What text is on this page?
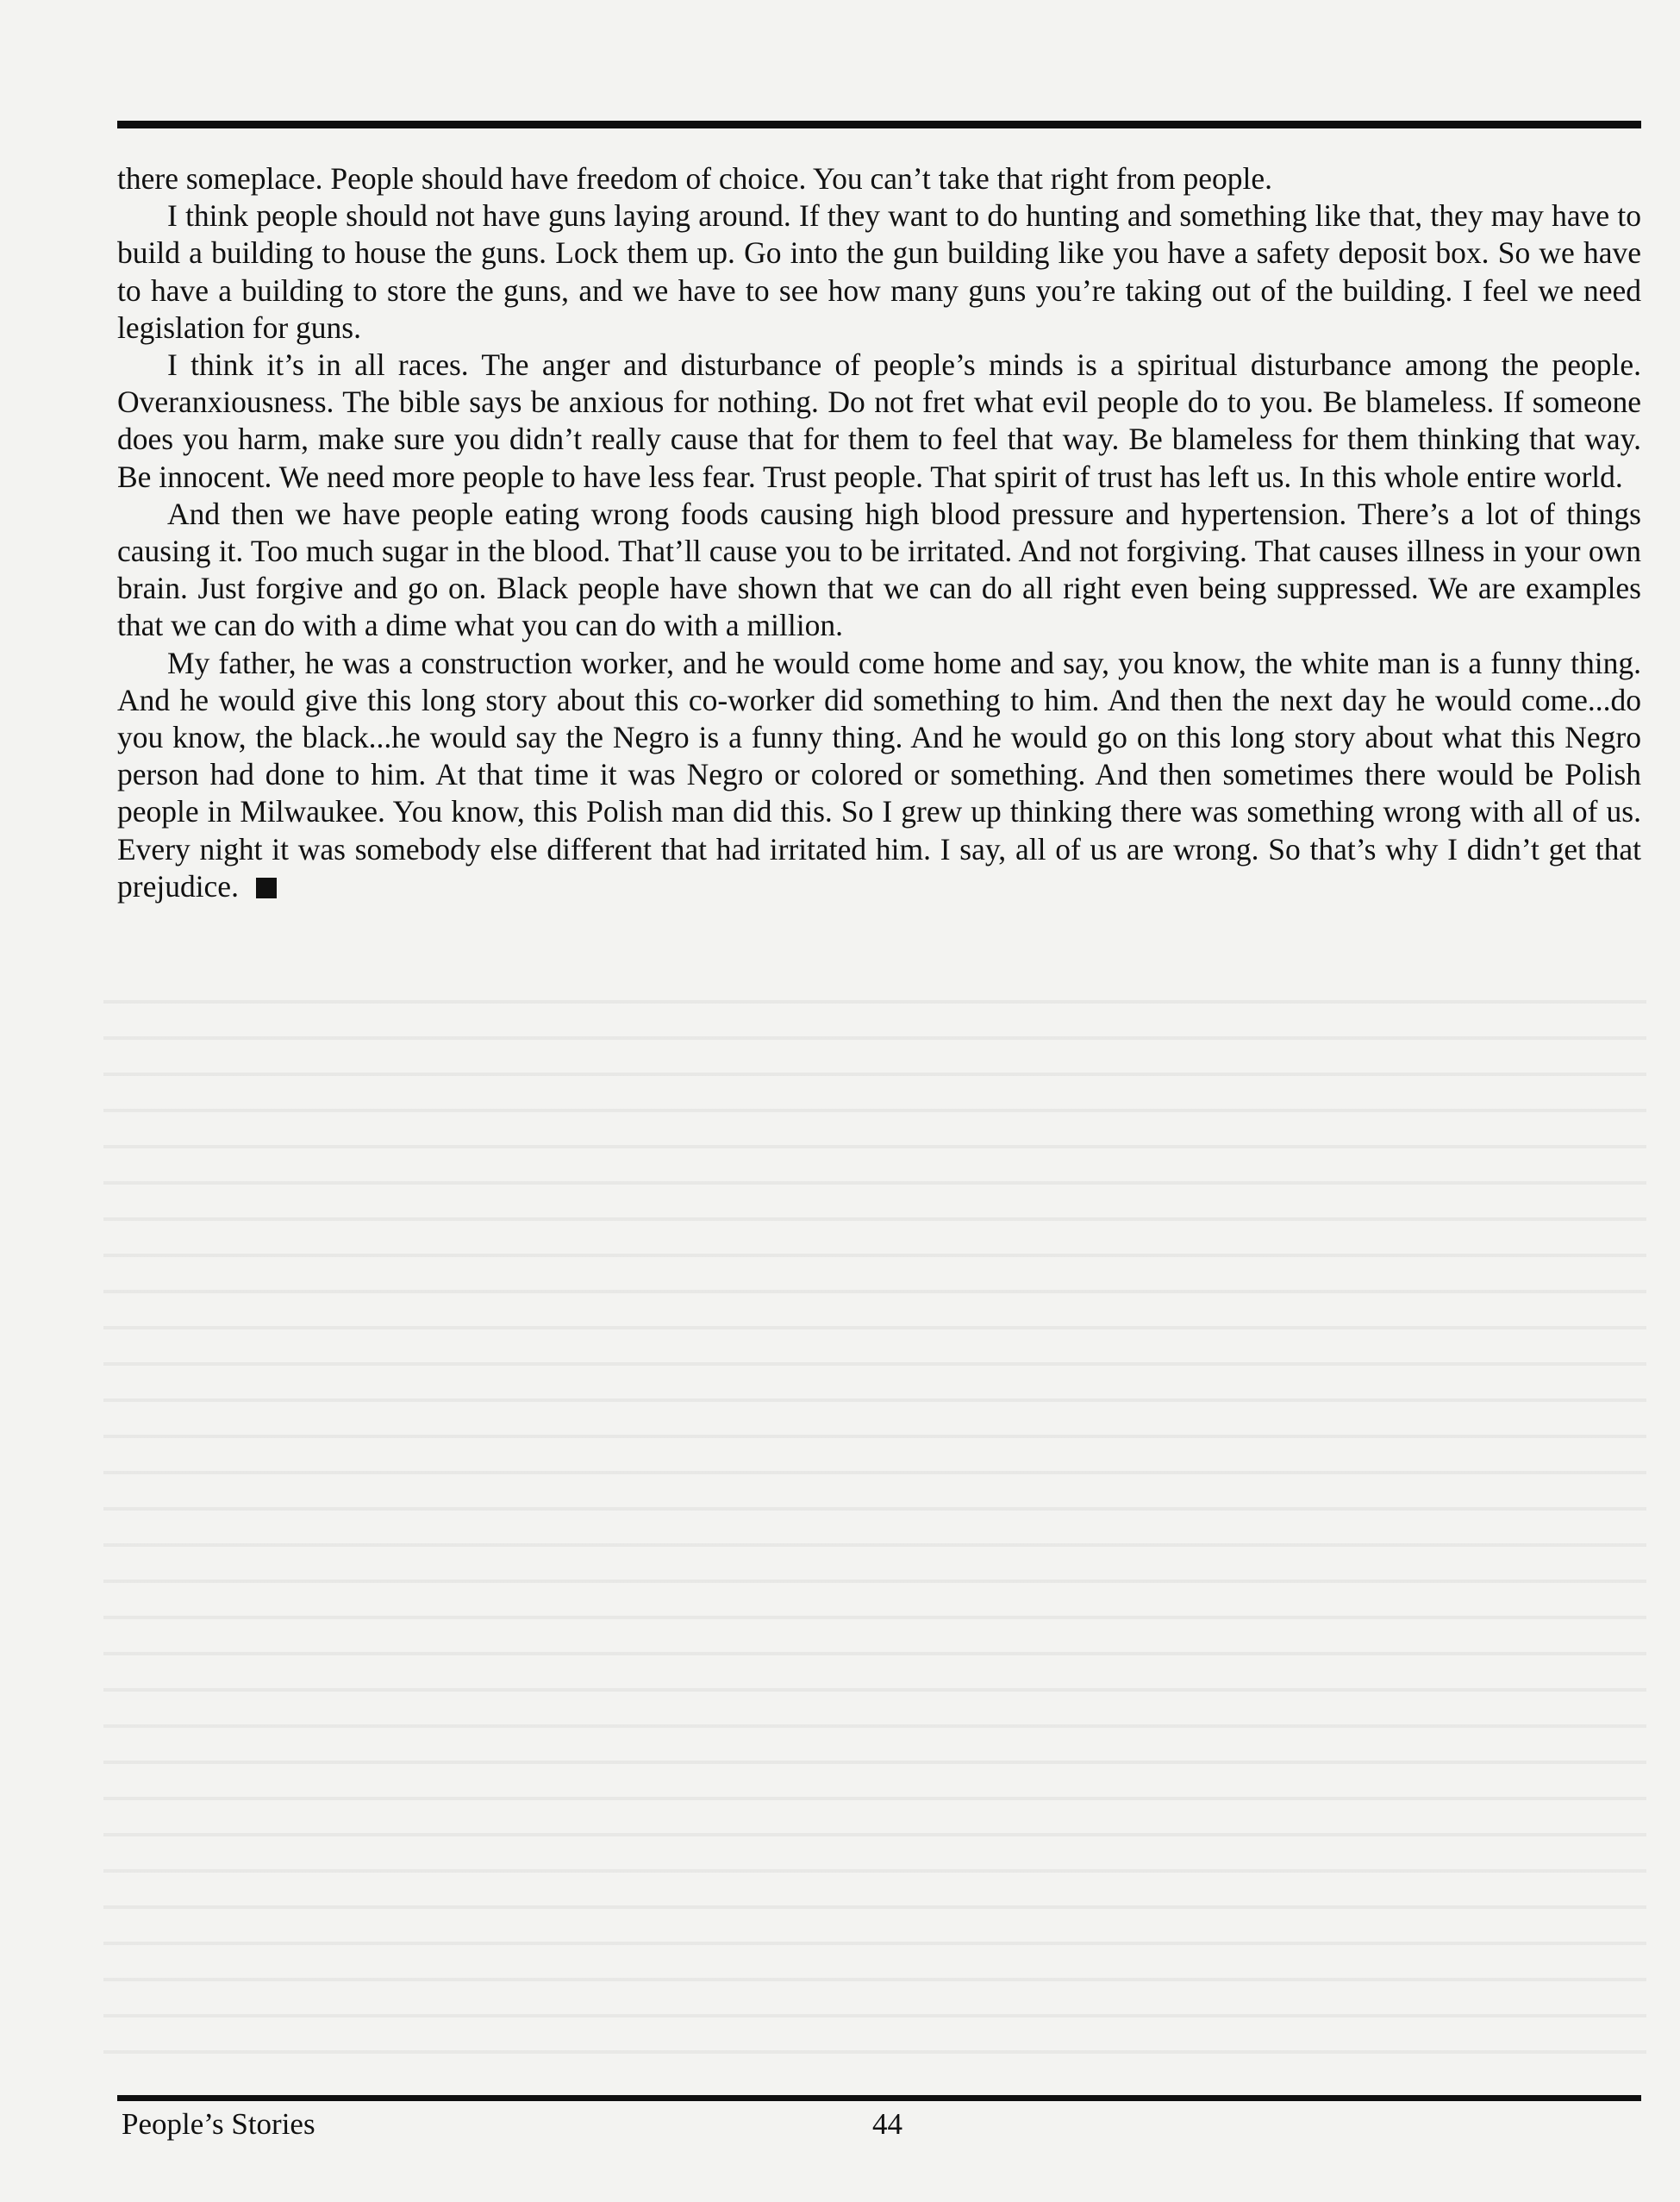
there someplace. People should have freedom of choice. You can’t take that right from people.

I think people should not have guns laying around. If they want to do hunting and something like that, they may have to build a building to house the guns. Lock them up. Go into the gun building like you have a safety deposit box. So we have to have a building to store the guns, and we have to see how many guns you’re taking out of the building. I feel we need legislation for guns.

I think it’s in all races. The anger and disturbance of people’s minds is a spiritual disturbance among the people. Overanxiousness. The bible says be anxious for nothing. Do not fret what evil people do to you. Be blameless. If someone does you harm, make sure you didn’t really cause that for them to feel that way. Be blameless for them thinking that way. Be innocent. We need more people to have less fear. Trust people. That spirit of trust has left us. In this whole entire world.

And then we have people eating wrong foods causing high blood pressure and hypertension. There’s a lot of things causing it. Too much sugar in the blood. That’ll cause you to be irritated. And not forgiving. That causes illness in your own brain. Just forgive and go on. Black people have shown that we can do all right even being suppressed. We are examples that we can do with a dime what you can do with a million.

My father, he was a construction worker, and he would come home and say, you know, the white man is a funny thing. And he would give this long story about this co-worker did something to him. And then the next day he would come...do you know, the black...he would say the Negro is a funny thing. And he would go on this long story about what this Negro person had done to him. At that time it was Negro or colored or something. And then sometimes there would be Polish people in Milwaukee. You know, this Polish man did this. So I grew up thinking there was something wrong with all of us. Every night it was somebody else different that had irritated him. I say, all of us are wrong. So that’s why I didn’t get that prejudice.

People’s Stories	44
